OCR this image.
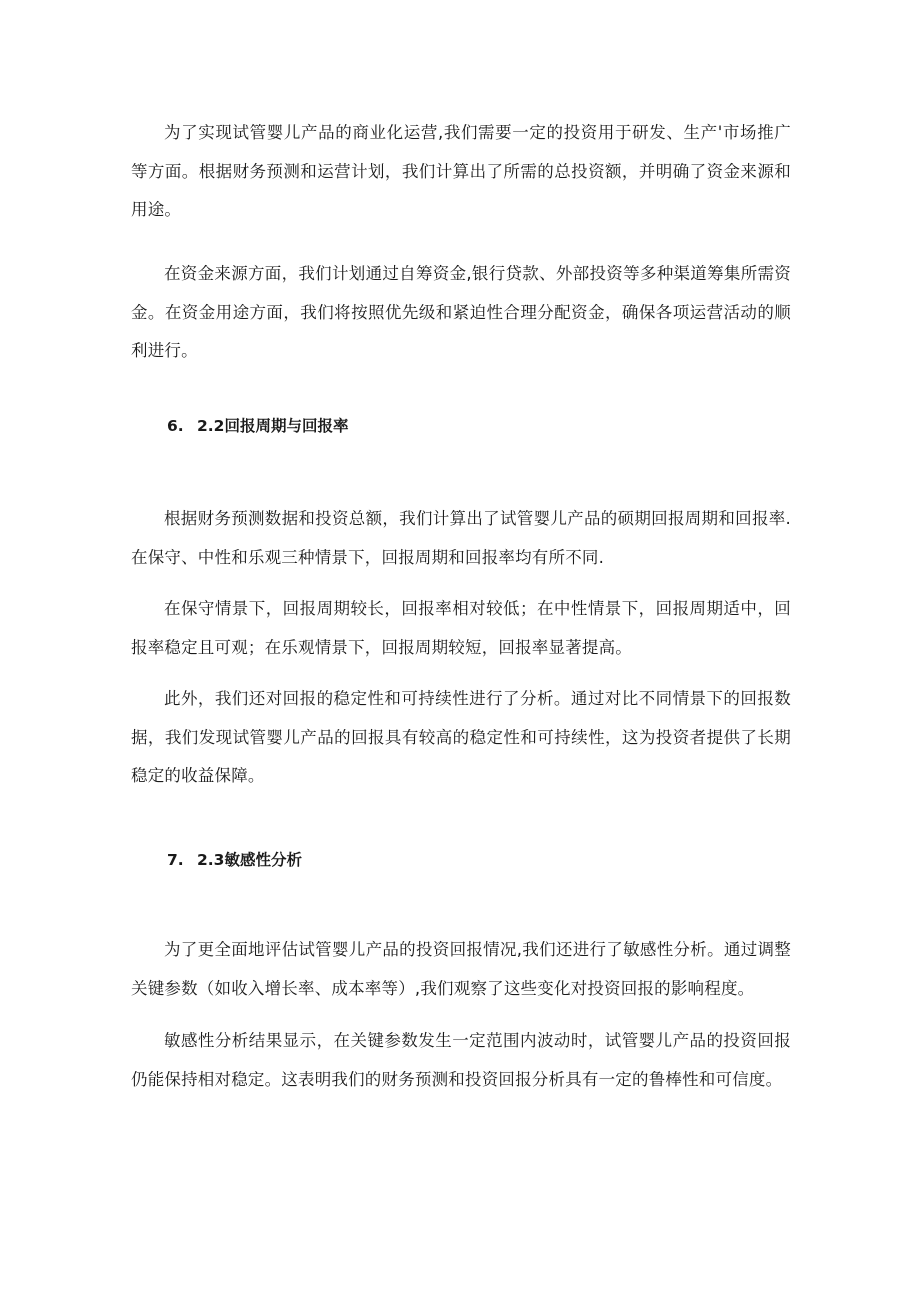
为了实现试管婴儿产品的商业化运营,我们需要一定的投资用于研发、生产'市场推广等方面。根据财务预测和运营计划，我们计算出了所需的总投资额，并明确了资金来源和用途。

在资金来源方面，我们计划通过自筹资金,银行贷款、外部投资等多种渠道筹集所需资金。在资金用途方面，我们将按照优先级和紧迫性合理分配资金，确保各项运营活动的顺利进行。

6. 2.2回报周期与回报率

根据财务预测数据和投资总额，我们计算出了试管婴儿产品的硕期回报周期和回报率.在保守、中性和乐观三种情景下，回报周期和回报率均有所不同.

在保守情景下，回报周期较长，回报率相对较低；在中性情景下，回报周期适中，回报率稳定且可观；在乐观情景下，回报周期较短，回报率显著提高。

此外，我们还对回报的稳定性和可持续性进行了分析。通过对比不同情景下的回报数据，我们发现试管婴儿产品的回报具有较高的稳定性和可持续性，这为投资者提供了长期稳定的收益保障。

7. 2.3敏感性分析

为了更全面地评估试管婴儿产品的投资回报情况,我们还进行了敏感性分析。通过调整关键参数（如收入增长率、成本率等）,我们观察了这些变化对投资回报的影响程度。

敏感性分析结果显示，在关键参数发生一定范围内波动时，试管婴儿产品的投资回报仍能保持相对稳定。这表明我们的财务预测和投资回报分析具有一定的鲁棒性和可信度。
